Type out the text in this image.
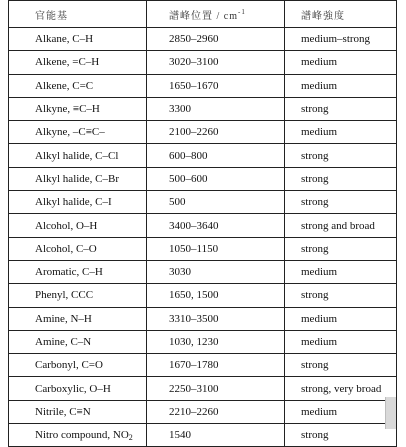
官能基	譜峰位置 / $cm^{-1}$	譜峰強度
Alkane, C–H	2850–2960	medium–strong
Alkene, =C–H	3020–3100	medium
Alkene, C=C	1650–1670	medium
Alkyne, ≡C–H	3300	strong
Alkyne, –C≡C–	2100–2260	medium
Alkyl halide, C–Cl	600–800	strong
Alkyl halide, C–Br	500–600	strong
Alkyl halide, C–I	500	strong
Alcohol, O–H	3400–3640	strong and broad
Alcohol, C–O	1050–1150	strong
Aromatic, C–H	3030	medium
Phenyl, CCC	1650, 1500	strong
Amine, N–H	3310–3500	medium
Amine, C–N	1030, 1230	medium
Carbonyl, C=O	1670–1780	strong
Carboxylic, O–H	2250–3100	strong, very broad
Nitrile, C≡N	2210–2260	medium
Nitro compound, $NO_2$	1540	strong
